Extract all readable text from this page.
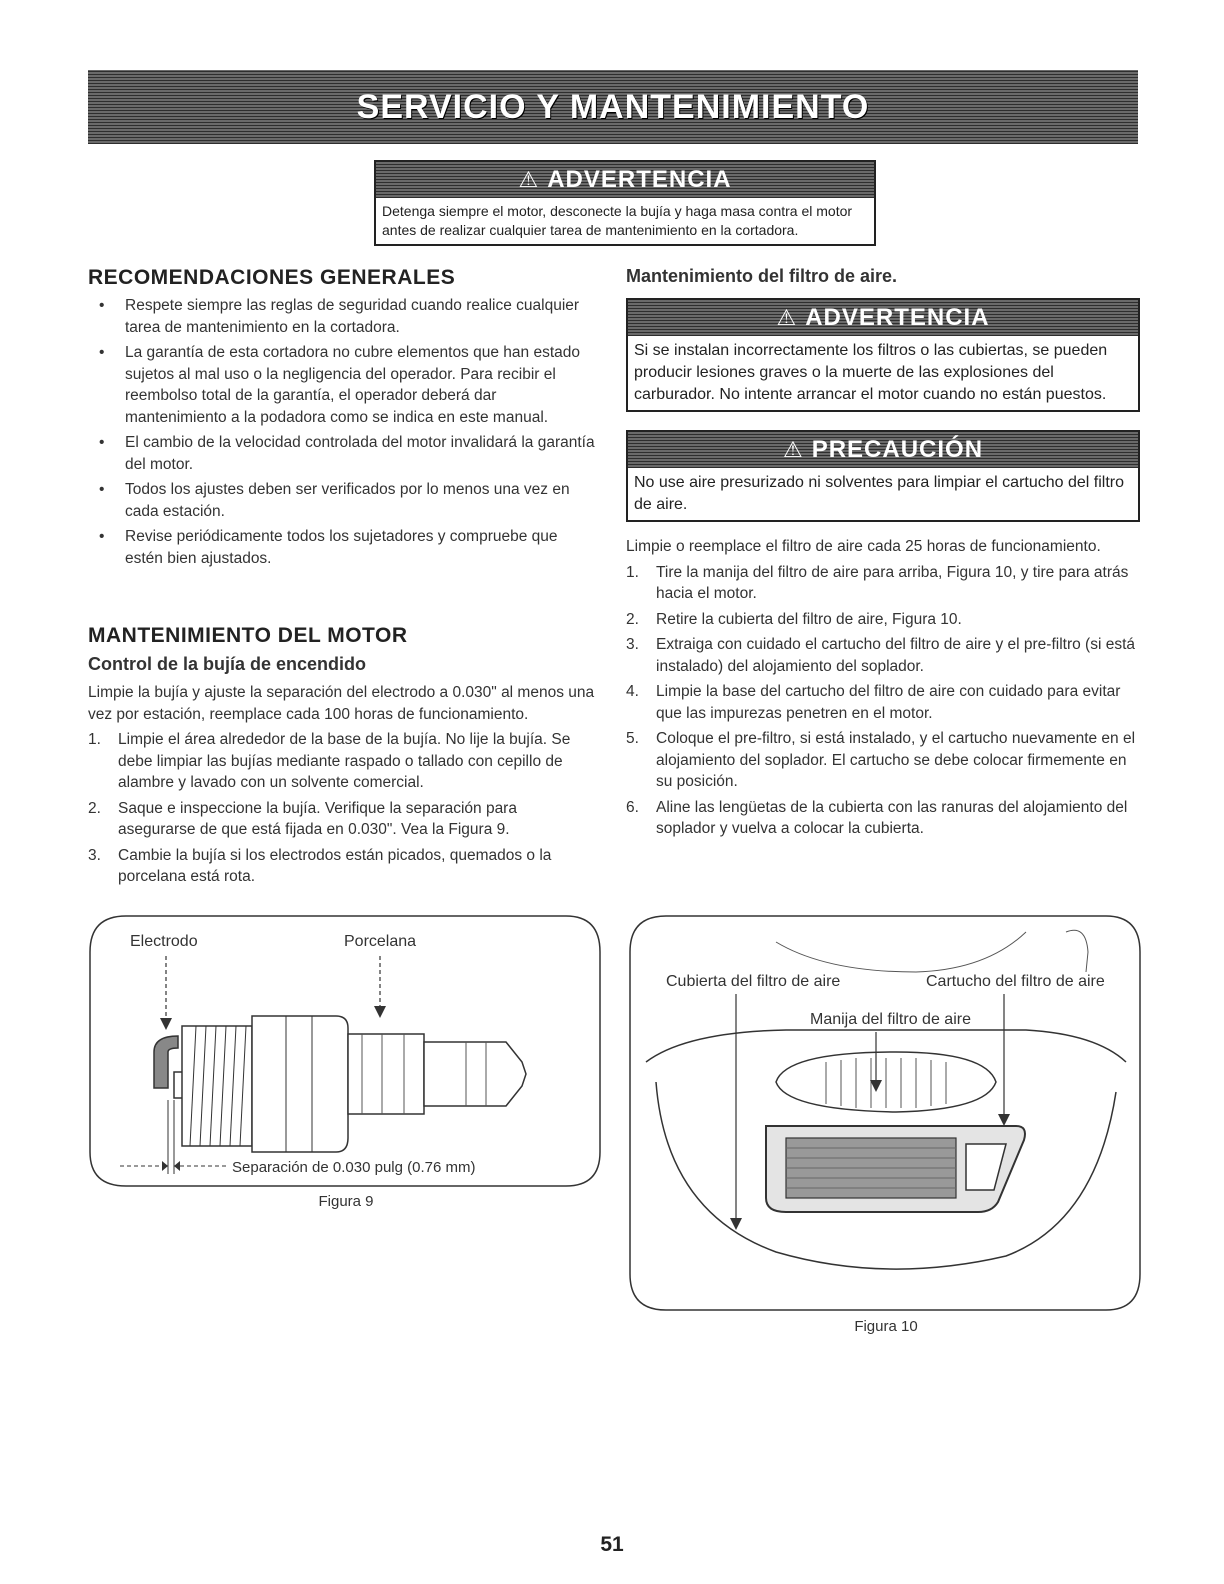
SERVICIO Y MANTENIMIENTO
⚠ ADVERTENCIA
Detenga siempre el motor, desconecte la bujía y haga masa contra el motor antes de realizar cualquier tarea de mantenimiento en la cortadora.
RECOMENDACIONES GENERALES
• Respete siempre las reglas de seguridad cuando realice cualquier tarea de mantenimiento en la cortadora.
• La garantía de esta cortadora no cubre elementos que han estado sujetos al mal uso o la negligencia del operador. Para recibir el reembolso total de la garantía, el operador deberá dar mantenimiento a la podadora como se indica en este manual.
• El cambio de la velocidad controlada del motor invalidará la garantía del motor.
• Todos los ajustes deben ser verificados por lo menos una vez en cada estación.
• Revise periódicamente todos los sujetadores y compruebe que estén bien ajustados.
MANTENIMIENTO DEL MOTOR
Control de la bujía de encendido

Limpie la bujía y ajuste la separación del electrodo a 0.030" al menos una vez por estación, reemplace cada 100 horas de funcionamiento.

1. Limpie el área alrededor de la base de la bujía. No lije la bujía. Se debe limpiar las bujías mediante raspado o tallado con cepillo de alambre y lavado con un solvente comercial.
2. Saque e inspeccione la bujía. Verifique la separación para asegurarse de que está fijada en 0.030". Vea la Figura 9.
3. Cambie la bujía si los electrodos están picados, quemados o la porcelana está rota.
Mantenimiento del filtro de aire.
⚠ ADVERTENCIA
Si se instalan incorrectamente los filtros o las cubiertas, se pueden producir lesiones graves o la muerte de las explosiones del carburador. No intente arrancar el motor cuando no están puestos.
⚠ PRECAUCIÓN
No use aire presurizado ni solventes para limpiar el cartucho del filtro de aire.

Limpie o reemplace el filtro de aire cada 25 horas de funcionamiento.

1. Tire la manija del filtro de aire para arriba, Figura 10, y tire para atrás hacia el motor.
2. Retire la cubierta del filtro de aire, Figura 10.
3. Extraiga con cuidado el cartucho del filtro de aire y el pre-filtro (si está instalado) del alojamiento del soplador.
4. Limpie la base del cartucho del filtro de aire con cuidado para evitar que las impurezas penetren en el motor.
5. Coloque el pre-filtro, si está instalado, y el cartucho nuevamente en el alojamiento del soplador. El cartucho se debe colocar firmemente en su posición.
6. Aline las lengüetas de la cubierta con las ranuras del alojamiento del soplador y vuelva a colocar la cubierta.
Electrodo	Porcelana
Separación de 0.030 pulg (0.76 mm)
Figura 9
Cubierta del filtro de aire	Cartucho del filtro de aire
Manija del filtro de aire
Figura 10
51
